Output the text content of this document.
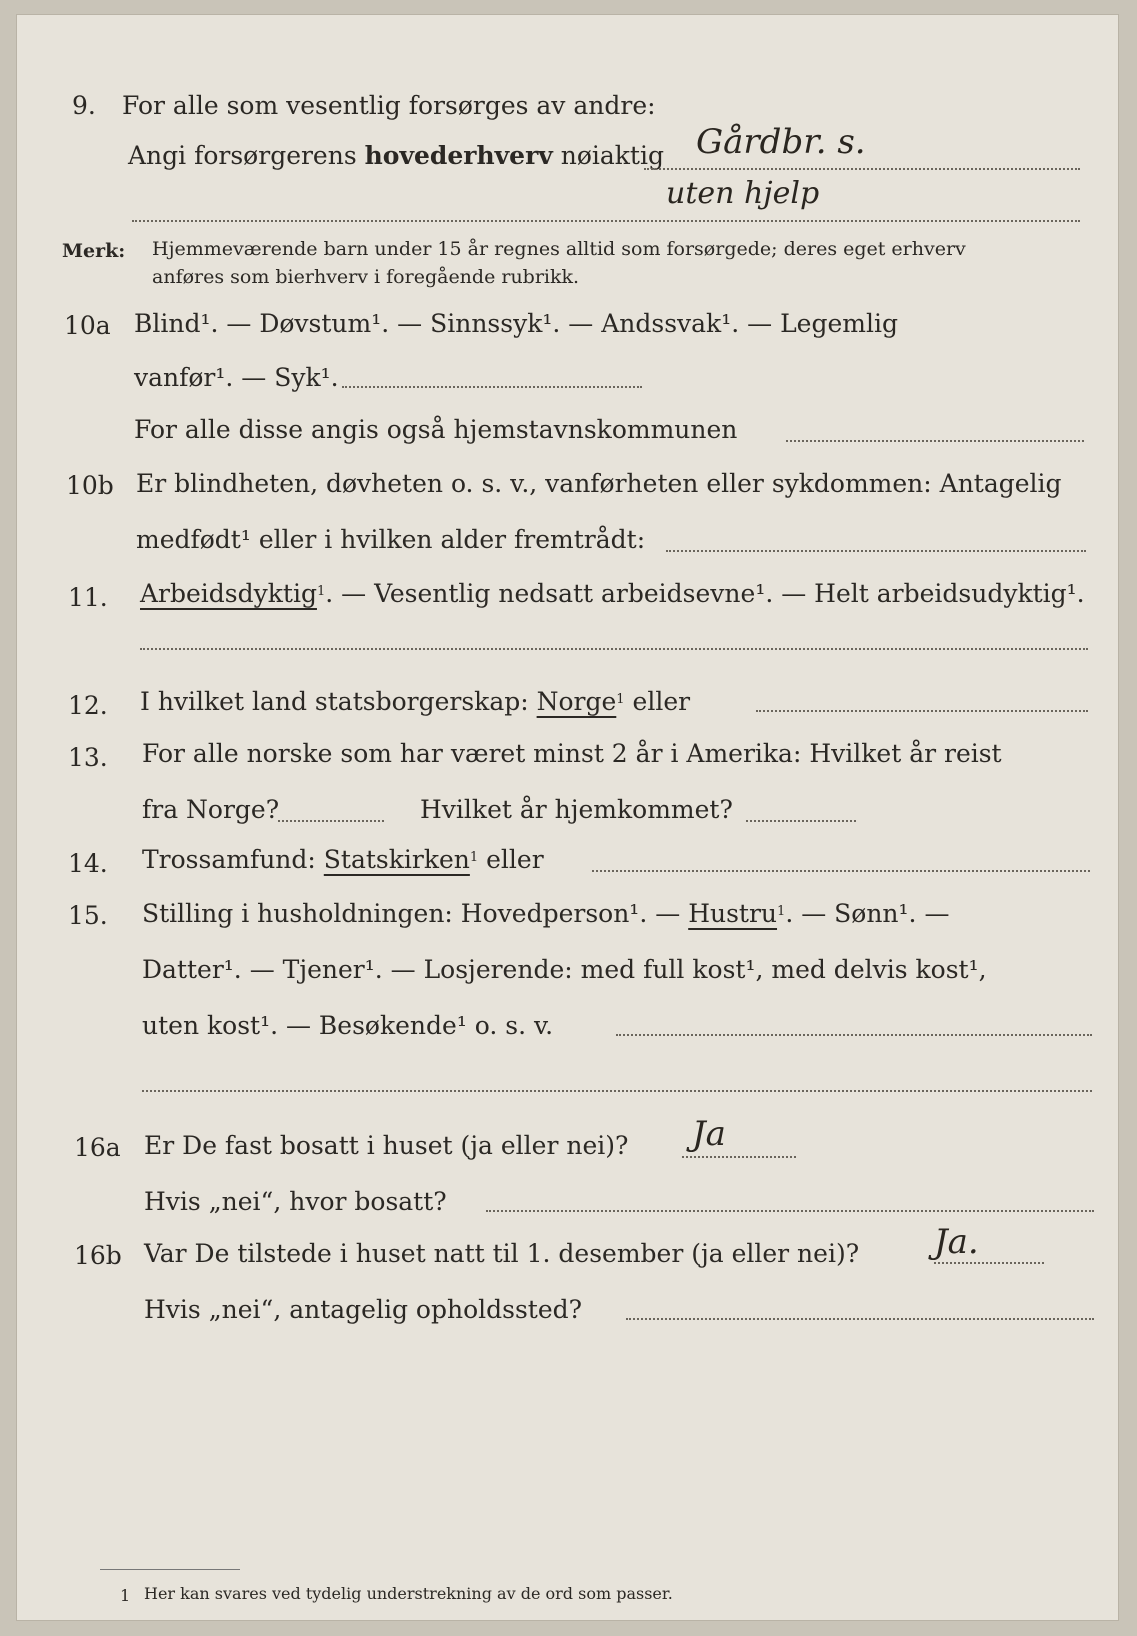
9. For alle som vesentlig forsørges av andre:
Angi forsørgerens hovederhverv nøiaktig Gårdbr. s.
uten hjelp
Merk: Hjemmeværende barn under 15 år regnes alltid som forsørgede; deres eget erhverv
anføres som bierhverv i foregående rubrikk.
10a Blind¹. — Døvstum¹. — Sinnssyk¹. — Andssvak¹. — Legemlig
vanfør¹. — Syk¹.
For alle disse angis også hjemstavnskommunen
10b Er blindheten, døvheten o. s. v., vanførheten eller sykdommen: Antagelig
medfødt¹ eller i hvilken alder fremtrådt:
11. Arbeidsdyktig$^1$. — Vesentlig nedsatt arbeidsevne¹. — Helt arbeidsudyktig¹.
12. I hvilket land statsborgerskap: Norge$^1$ eller
13. For alle norske som har været minst 2 år i Amerika: Hvilket år reist
fra Norge?	Hvilket år hjemkommet?
14. Trossamfund: Statskirken$^1$ eller
15. Stilling i husholdningen: Hovedperson¹. — Hustru$^1$. — Sønn¹. —
Datter¹. — Tjener¹. — Losjerende: med full kost¹, med delvis kost¹,
uten kost¹. — Besøkende¹ o. s. v.
16a Er De fast bosatt i huset (ja eller nei)? Ja
Hvis „nei“, hvor bosatt?
16b Var De tilstede i huset natt til 1. desember (ja eller nei)? Ja.
Hvis „nei“, antagelig opholdssted?
1 Her kan svares ved tydelig understrekning av de ord som passer.
